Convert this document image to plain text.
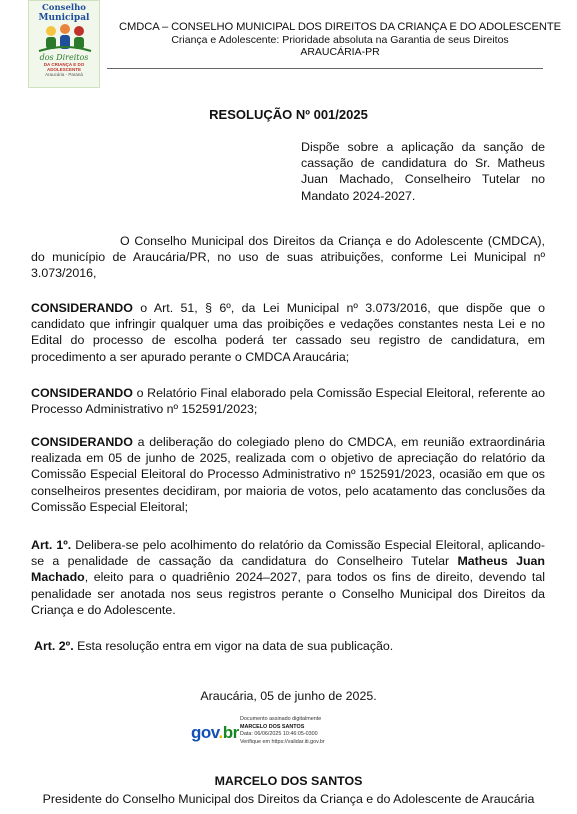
Conselho
Municipal
dos Direitos
DA CRIANÇA E DO ADOLESCENTE
Araucária - Paraná
CMDCA – CONSELHO MUNICIPAL DOS DIREITOS DA CRIANÇA E DO ADOLESCENTE
Criança e Adolescente: Prioridade absoluta na Garantia de seus Direitos
ARAUCÁRIA-PR
RESOLUÇÃO Nº 001/2025
Dispõe sobre a aplicação da sanção de cassação de candidatura do Sr. Matheus Juan Machado, Conselheiro Tutelar no Mandato 2024-2027.
O Conselho Municipal dos Direitos da Criança e do Adolescente (CMDCA), do município de Araucária/PR, no uso de suas atribuições, conforme Lei Municipal nº 3.073/2016,
CONSIDERANDO o Art. 51, § 6º, da Lei Municipal nº 3.073/2016, que dispõe que o candidato que infringir qualquer uma das proibições e vedações constantes nesta Lei e no Edital do processo de escolha poderá ter cassado seu registro de candidatura, em procedimento a ser apurado perante o CMDCA Araucária;
CONSIDERANDO o Relatório Final elaborado pela Comissão Especial Eleitoral, referente ao Processo Administrativo nº 152591/2023;
CONSIDERANDO a deliberação do colegiado pleno do CMDCA, em reunião extraordinária realizada em 05 de junho de 2025, realizada com o objetivo de apreciação do relatório da Comissão Especial Eleitoral do Processo Administrativo nº 152591/2023, ocasião em que os conselheiros presentes decidiram, por maioria de votos, pelo acatamento das conclusões da Comissão Especial Eleitoral;
Art. 1º. Delibera-se pelo acolhimento do relatório da Comissão Especial Eleitoral, aplicando-se a penalidade de cassação da candidatura do Conselheiro Tutelar Matheus Juan Machado, eleito para o quadriênio 2024–2027, para todos os fins de direito, devendo tal penalidade ser anotada nos seus registros perante o Conselho Municipal dos Direitos da Criança e do Adolescente.
Art. 2º. Esta resolução entra em vigor na data de sua publicação.
Araucária, 05 de junho de 2025.
gov.br
Documento assinado digitalmente
MARCELO DOS SANTOS
Data: 06/06/2025 10:46:05-0300
Verifique em https://validar.iti.gov.br
MARCELO DOS SANTOS
Presidente do Conselho Municipal dos Direitos da Criança e do Adolescente de Araucária
